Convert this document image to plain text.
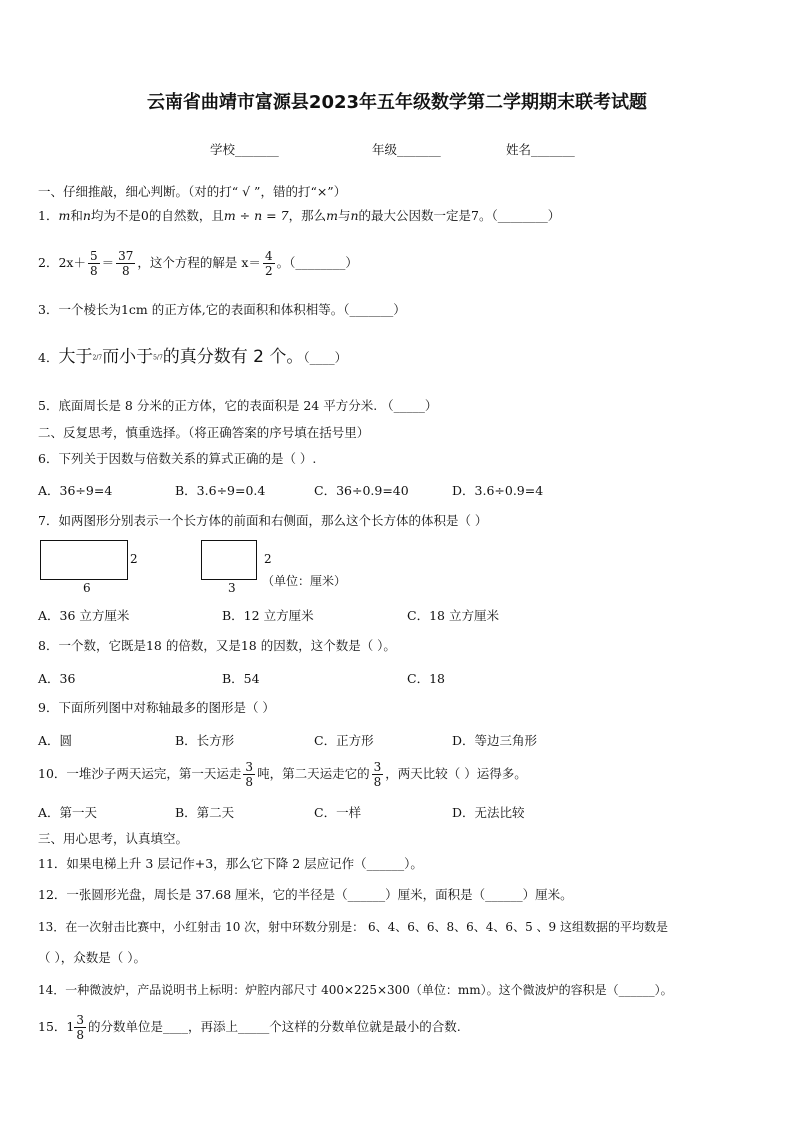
云南省曲靖市富源县2023年五年级数学第二学期期末联考试题
学校_______	年级_______	姓名_______
一、仔细推敲，细心判断。（对的打“ √ ”，错的打“×”）
1．m和n均为不是0的自然数，且m ÷ n = 7，那么m与n的最大公因数一定是7。（________）
2．$2x+ \frac{5}{8} = \frac{37}{8}$ ，这个方程的解是 $x= \frac{4}{2}$ 。（________）
3．一个棱长为1cm 的正方体,它的表面积和体积相等。（_______）
4．大于2/7而小于5/7的真分数有 2 个。（____）
5．底面周长是 8 分米的正方体，它的表面积是 24 平方分米. （_____）
二、反复思考，慎重选择。（将正确答案的序号填在括号里）
6．下列关于因数与倍数关系的算式正确的是（ ）.
A．36÷9=4	B．3.6÷9=0.4	C．36÷0.9=40	D．3.6÷0.9=4
7．如两图形分别表示一个长方体的前面和右侧面，那么这个长方体的体积是（ ）
2
6
2
3 （单位：厘米）
A．36 立方厘米	B．12 立方厘米	C．18 立方厘米
8．一个数，它既是18 的倍数，又是18 的因数，这个数是（ ）。
A．36	B．54	C．18
9．下面所列图中对称轴最多的图形是（ ）
A．圆	B．长方形	C．正方形	D．等边三角形
10．一堆沙子两天运完，第一天运走 $\frac{3}{8}$ 吨，第二天运走它的 $\frac{3}{8}$ ，两天比较（ ）运得多。
A．第一天	B．第二天	C．一样	D．无法比较
三、用心思考，认真填空。
11．如果电梯上升 3 层记作+3，那么它下降 2 层应记作（______）。
12．一张圆形光盘，周长是 37.68 厘米，它的半径是（______）厘米，面积是（______）厘米。
13．在一次射击比赛中，小红射击 10 次，射中环数分别是： 6、4、6、6、8、6、4、6、5 、9 这组数据的平均数是
（ ），众数是（ ）。
14．一种微波炉，产品说明书上标明：炉腔内部尺寸 400×225×300（单位：mm）。这个微波炉的容积是（______）。
15．$1 \frac{3}{8}$ 的分数单位是____，再添上_____个这样的分数单位就是最小的合数.
